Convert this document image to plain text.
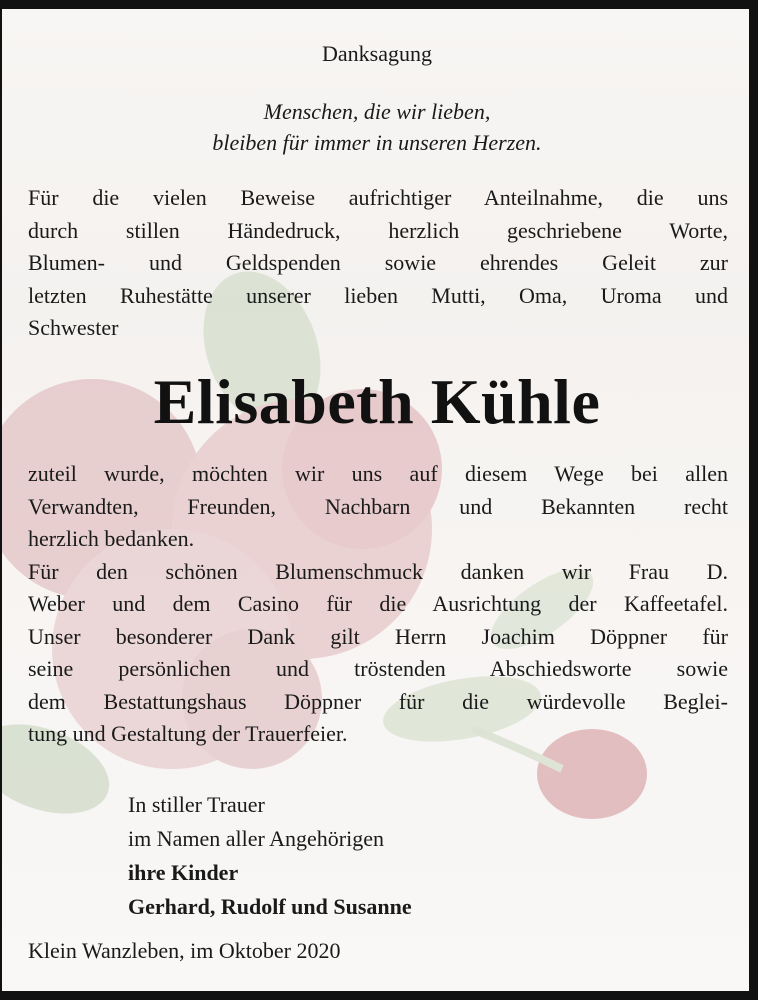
Danksagung
Menschen, die wir lieben,
bleiben für immer in unseren Herzen.
Für die vielen Beweise aufrichtiger Anteilnahme, die uns
durch stillen Händedruck, herzlich geschriebene Worte,
Blumen- und Geldspenden sowie ehrendes Geleit zur
letzten Ruhestätte unserer lieben Mutti, Oma, Uroma und
Schwester
Elisabeth Kühle
zuteil wurde, möchten wir uns auf diesem Wege bei allen
Verwandten, Freunden, Nachbarn und Bekannten recht
herzlich bedanken.
Für den schönen Blumenschmuck danken wir Frau D.
Weber und dem Casino für die Ausrichtung der Kaffeetafel.
Unser besonderer Dank gilt Herrn Joachim Döppner für
seine persönlichen und tröstenden Abschiedsworte sowie
dem Bestattungshaus Döppner für die würdevolle Beglei-
tung und Gestaltung der Trauerfeier.
In stiller Trauer
im Namen aller Angehörigen
ihre Kinder
Gerhard, Rudolf und Susanne
Klein Wanzleben, im Oktober 2020
